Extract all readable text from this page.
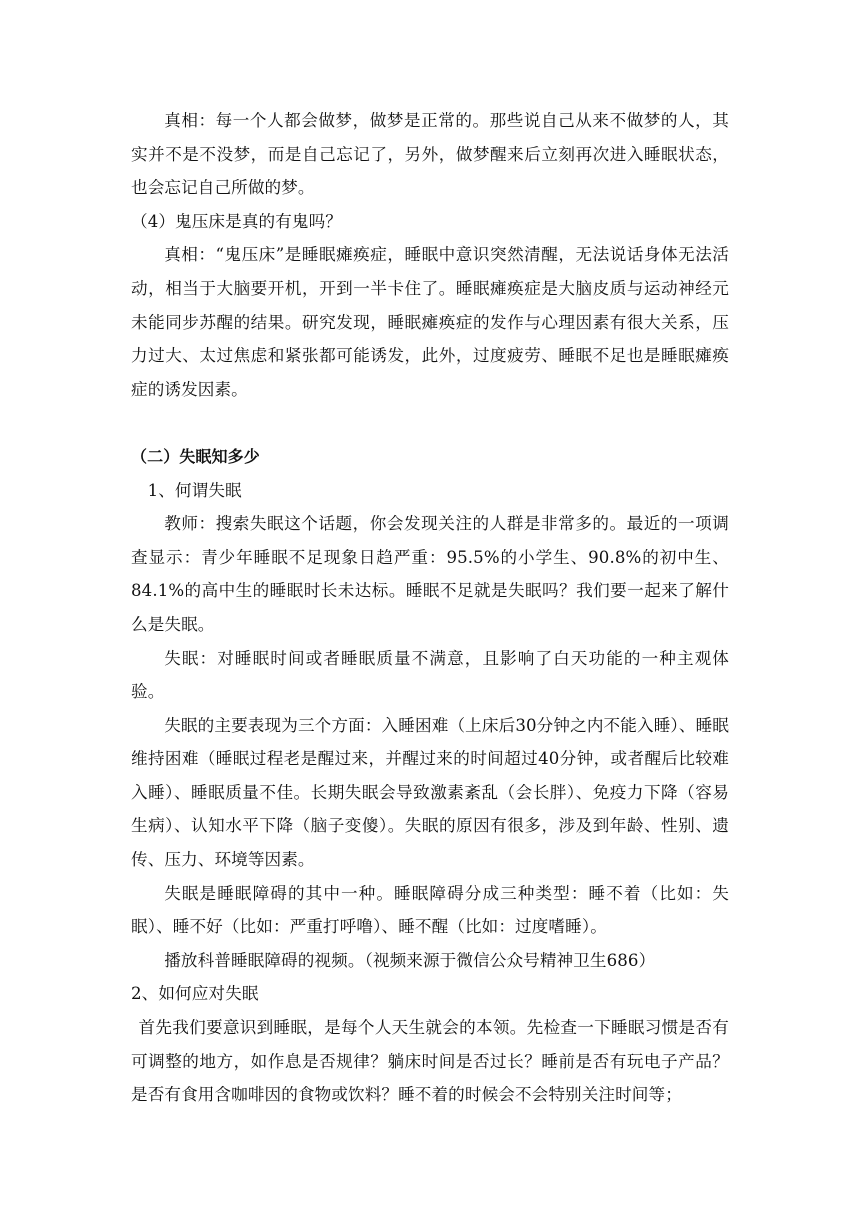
真相：每一个人都会做梦，做梦是正常的。那些说自己从来不做梦的人，其实并不是不没梦，而是自己忘记了，另外，做梦醒来后立刻再次进入睡眠状态，也会忘记自己所做的梦。

（4）鬼压床是真的有鬼吗？

真相：“鬼压床”是睡眠瘫痪症，睡眠中意识突然清醒，无法说话身体无法活动，相当于大脑要开机，开到一半卡住了。睡眠瘫痪症是大脑皮质与运动神经元未能同步苏醒的结果。研究发现，睡眠瘫痪症的发作与心理因素有很大关系，压力过大、太过焦虑和紧张都可能诱发，此外，过度疲劳、睡眠不足也是睡眠瘫痪症的诱发因素。

（二）失眠知多少

1、何谓失眠

教师：搜索失眠这个话题，你会发现关注的人群是非常多的。最近的一项调查显示：青少年睡眠不足现象日趋严重：95.5%的小学生、90.8%的初中生、84.1%的高中生的睡眠时长未达标。睡眠不足就是失眠吗？我们要一起来了解什么是失眠。

失眠：对睡眠时间或者睡眠质量不满意，且影响了白天功能的一种主观体验。

失眠的主要表现为三个方面：入睡困难（上床后30分钟之内不能入睡）、睡眠维持困难（睡眠过程老是醒过来，并醒过来的时间超过40分钟，或者醒后比较难入睡）、睡眠质量不佳。长期失眠会导致激素紊乱（会长胖）、免疫力下降（容易生病）、认知水平下降（脑子变傻）。失眠的原因有很多，涉及到年龄、性别、遗传、压力、环境等因素。

失眠是睡眠障碍的其中一种。睡眠障碍分成三种类型：睡不着（比如：失眠）、睡不好（比如：严重打呼噜）、睡不醒（比如：过度嗜睡）。

播放科普睡眠障碍的视频。（视频来源于微信公众号精神卫生686）

2、如何应对失眠

首先我们要意识到睡眠，是每个人天生就会的本领。先检查一下睡眠习惯是否有可调整的地方，如作息是否规律？躺床时间是否过长？睡前是否有玩电子产品？是否有食用含咖啡因的食物或饮料？睡不着的时候会不会特别关注时间等；
